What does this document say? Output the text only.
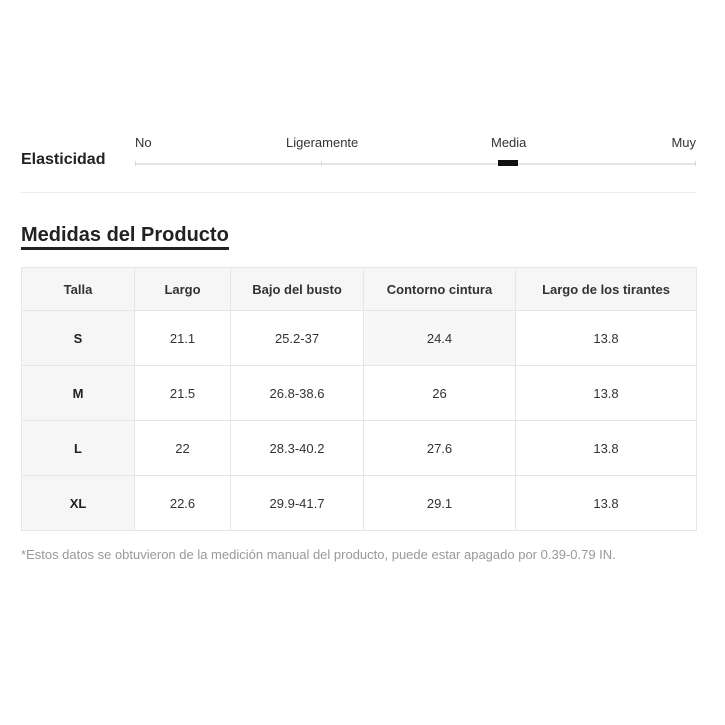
Elasticidad
No	Ligeramente	Media	Muy
Medidas del Producto
Talla	Largo	Bajo del busto	Contorno cintura	Largo de los tirantes
S	21.1	25.2-37	24.4	13.8
M	21.5	26.8-38.6	26	13.8
L	22	28.3-40.2	27.6	13.8
XL	22.6	29.9-41.7	29.1	13.8
*Estos datos se obtuvieron de la medición manual del producto, puede estar apagado por 0.39-0.79 IN.
